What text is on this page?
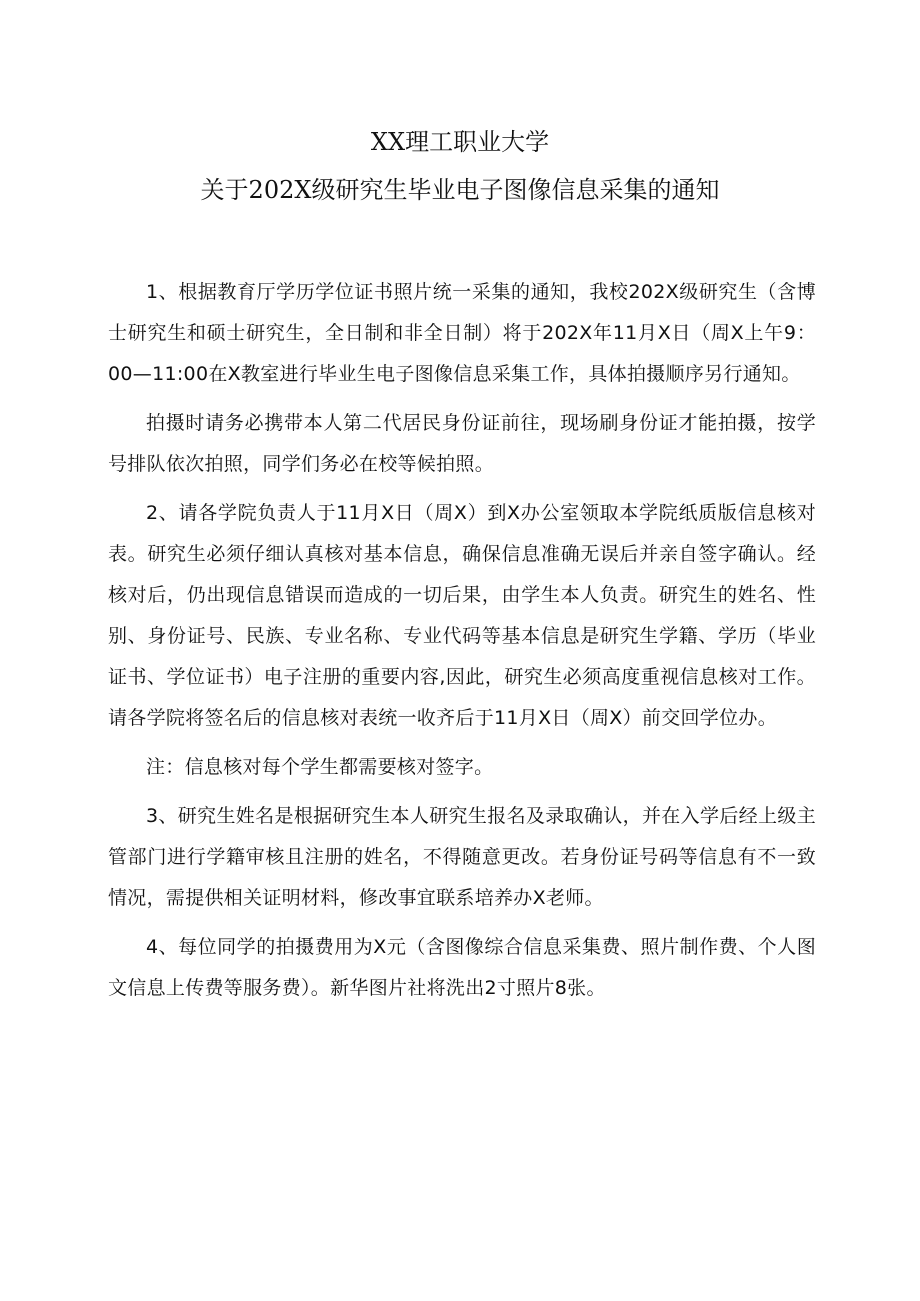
XX理工职业大学
关于202X级研究生毕业电子图像信息采集的通知

1、根据教育厅学历学位证书照片统一采集的通知，我校202X级研究生（含博士研究生和硕士研究生，全日制和非全日制）将于202X年11月X日（周X上午9：00—11:00在X教室进行毕业生电子图像信息采集工作，具体拍摄顺序另行通知。

拍摄时请务必携带本人第二代居民身份证前往，现场刷身份证才能拍摄，按学号排队依次拍照，同学们务必在校等候拍照。

2、请各学院负责人于11月X日（周X）到X办公室领取本学院纸质版信息核对表。研究生必须仔细认真核对基本信息，确保信息准确无误后并亲自签字确认。经核对后，仍出现信息错误而造成的一切后果，由学生本人负责。研究生的姓名、性别、身份证号、民族、专业名称、专业代码等基本信息是研究生学籍、学历（毕业证书、学位证书）电子注册的重要内容,因此，研究生必须高度重视信息核对工作。请各学院将签名后的信息核对表统一收齐后于11月X日（周X）前交回学位办。

注：信息核对每个学生都需要核对签字。

3、研究生姓名是根据研究生本人研究生报名及录取确认，并在入学后经上级主管部门进行学籍审核且注册的姓名，不得随意更改。若身份证号码等信息有不一致情况，需提供相关证明材料，修改事宜联系培养办X老师。

4、每位同学的拍摄费用为X元（含图像综合信息采集费、照片制作费、个人图文信息上传费等服务费）。新华图片社将洗出2寸照片8张。
